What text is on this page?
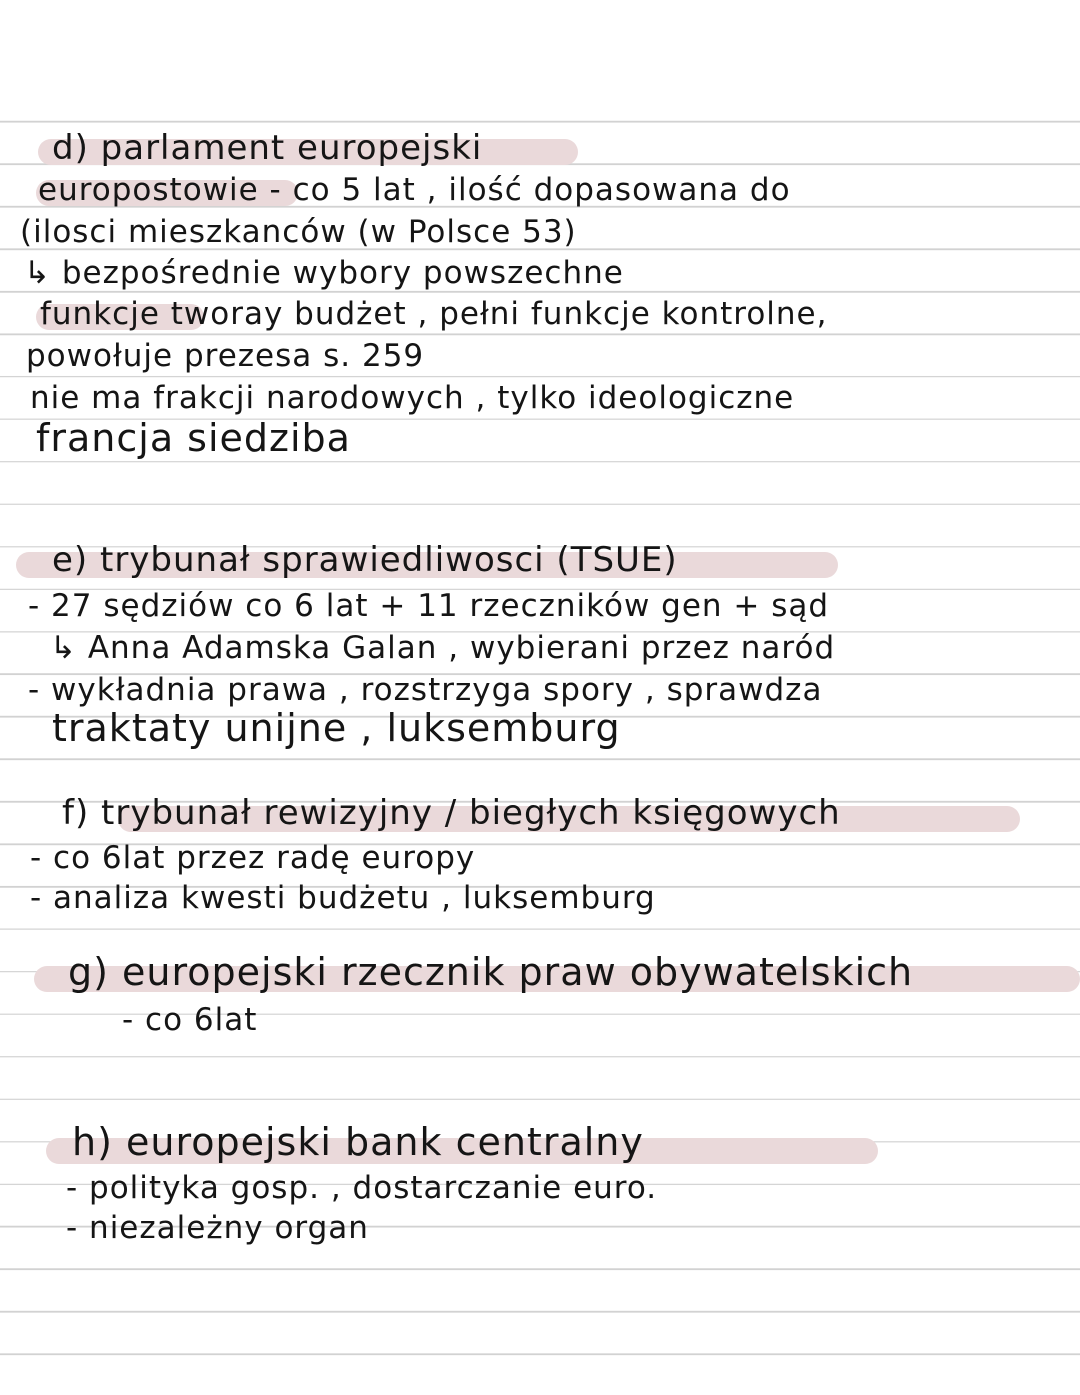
d) parlament europejski
europostowie - co 5 lat , ilość dopasowana do
(ilosci mieszkanców (w Polsce 53)
↳ bezpośrednie wybory powszechne
funkcje tworay budżet , pełni funkcje kontrolne,
powołuje prezesa s. 259
nie ma frakcji narodowych , tylko ideologiczne
francja siedziba
e) trybunał sprawiedliwosci (TSUE)
- 27 sędziów co 6 lat + 11 rzeczników gen + sąd
↳ Anna Adamska Galan , wybierani przez naród
- wykładnia prawa , rozstrzyga spory , sprawdza
traktaty unijne , luksemburg
f) trybunał rewizyjny / biegłych księgowych
- co 6lat przez radę europy
- analiza kwesti budżetu , luksemburg
g) europejski rzecznik praw obywatelskich
- co 6lat
h) europejski bank centralny
- polityka gosp. , dostarczanie euro.
- niezależny organ
